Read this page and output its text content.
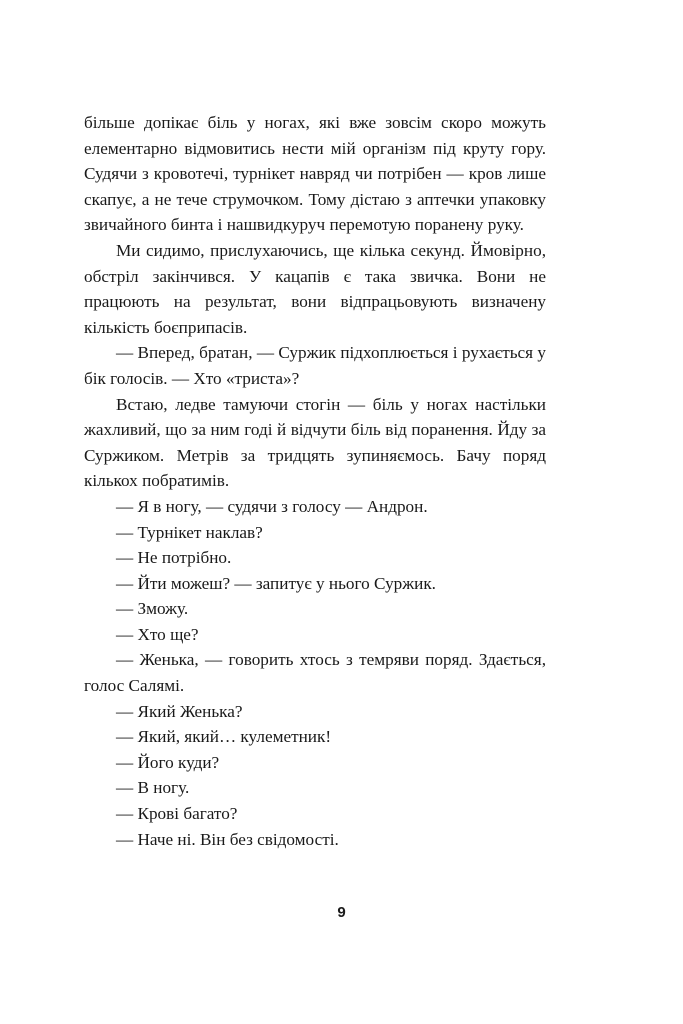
більше допікає біль у ногах, які вже зовсім скоро можуть елементарно відмовитись нести мій організм під круту гору. Судячи з кровотечі, турнікет навряд чи потрібен — кров лише скапує, а не тече струмочком. Тому дістаю з аптечки упаковку звичайного бинта і нашвидкуруч перемотую поранену руку.

Ми сидимо, прислухаючись, ще кілька секунд. Ймовірно, обстріл закінчився. У кацапів є така звичка. Вони не працюють на результат, вони відпрацьовують визначену кількість боєприпасів.

— Вперед, братан, — Суржик підхоплюється і рухається у бік голосів. — Хто «триста»?

Встаю, ледве тамуючи стогін — біль у ногах настільки жахливий, що за ним годі й відчути біль від поранення. Йду за Суржиком. Метрів за тридцять зупиняємось. Бачу поряд кількох побратимів.

— Я в ногу, — судячи з голосу — Андрон.

— Турнікет наклав?

— Не потрібно.

— Йти можеш? — запитує у нього Суржик.

— Зможу.

— Хто ще?

— Женька, — говорить хтось з темряви поряд. Здається, голос Салямі.

— Який Женька?

— Який, який… кулеметник!

— Його куди?

— В ногу.

— Крові багато?

— Наче ні. Він без свідомості.

9
